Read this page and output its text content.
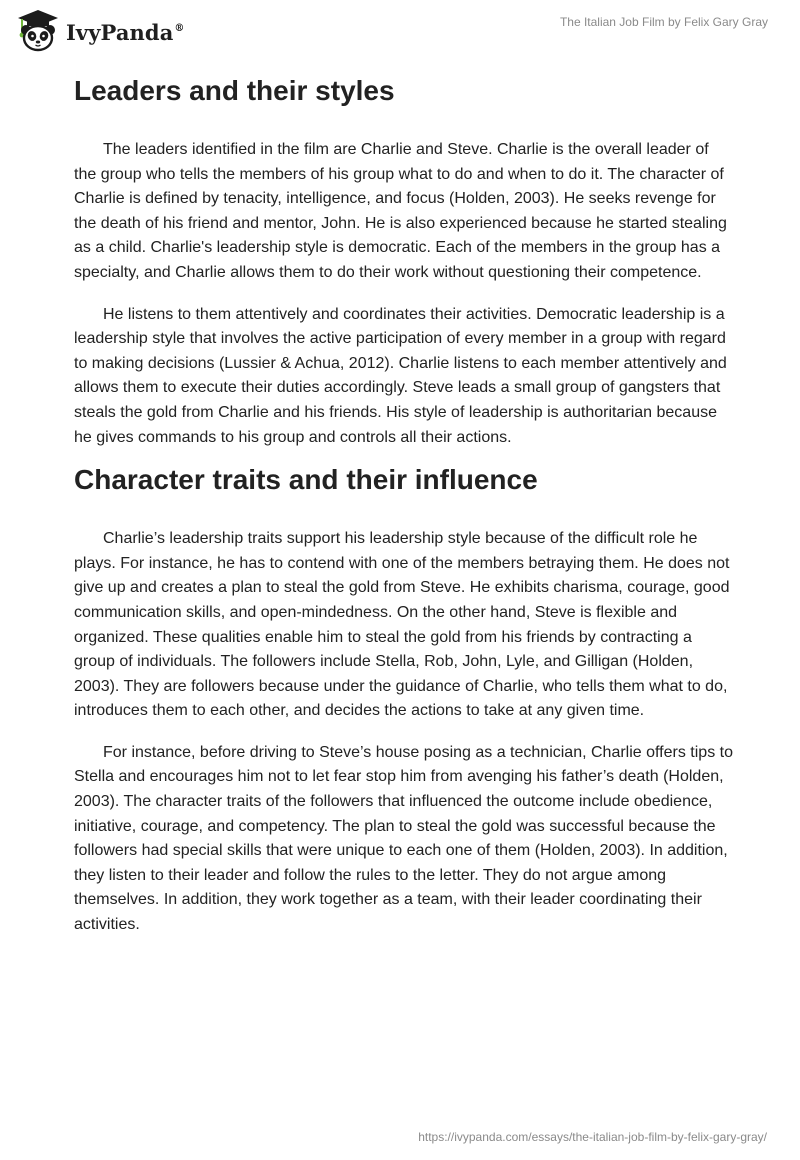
IvyPanda®	The Italian Job Film by Felix Gary Gray
Leaders and their styles

The leaders identified in the film are Charlie and Steve. Charlie is the overall leader of the group who tells the members of his group what to do and when to do it. The character of Charlie is defined by tenacity, intelligence, and focus (Holden, 2003). He seeks revenge for the death of his friend and mentor, John. He is also experienced because he started stealing as a child. Charlie's leadership style is democratic. Each of the members in the group has a specialty, and Charlie allows them to do their work without questioning their competence.

He listens to them attentively and coordinates their activities. Democratic leadership is a leadership style that involves the active participation of every member in a group with regard to making decisions (Lussier & Achua, 2012). Charlie listens to each member attentively and allows them to execute their duties accordingly. Steve leads a small group of gangsters that steals the gold from Charlie and his friends. His style of leadership is authoritarian because he gives commands to his group and controls all their actions.

Character traits and their influence

Charlie’s leadership traits support his leadership style because of the difficult role he plays. For instance, he has to contend with one of the members betraying them. He does not give up and creates a plan to steal the gold from Steve. He exhibits charisma, courage, good communication skills, and open-mindedness. On the other hand, Steve is flexible and organized. These qualities enable him to steal the gold from his friends by contracting a group of individuals. The followers include Stella, Rob, John, Lyle, and Gilligan (Holden, 2003). They are followers because under the guidance of Charlie, who tells them what to do, introduces them to each other, and decides the actions to take at any given time.

For instance, before driving to Steve’s house posing as a technician, Charlie offers tips to Stella and encourages him not to let fear stop him from avenging his father’s death (Holden, 2003). The character traits of the followers that influenced the outcome include obedience, initiative, courage, and competency. The plan to steal the gold was successful because the followers had special skills that were unique to each one of them (Holden, 2003). In addition, they listen to their leader and follow the rules to the letter. They do not argue among themselves. In addition, they work together as a team, with their leader coordinating their activities.

https://ivypanda.com/essays/the-italian-job-film-by-felix-gary-gray/
